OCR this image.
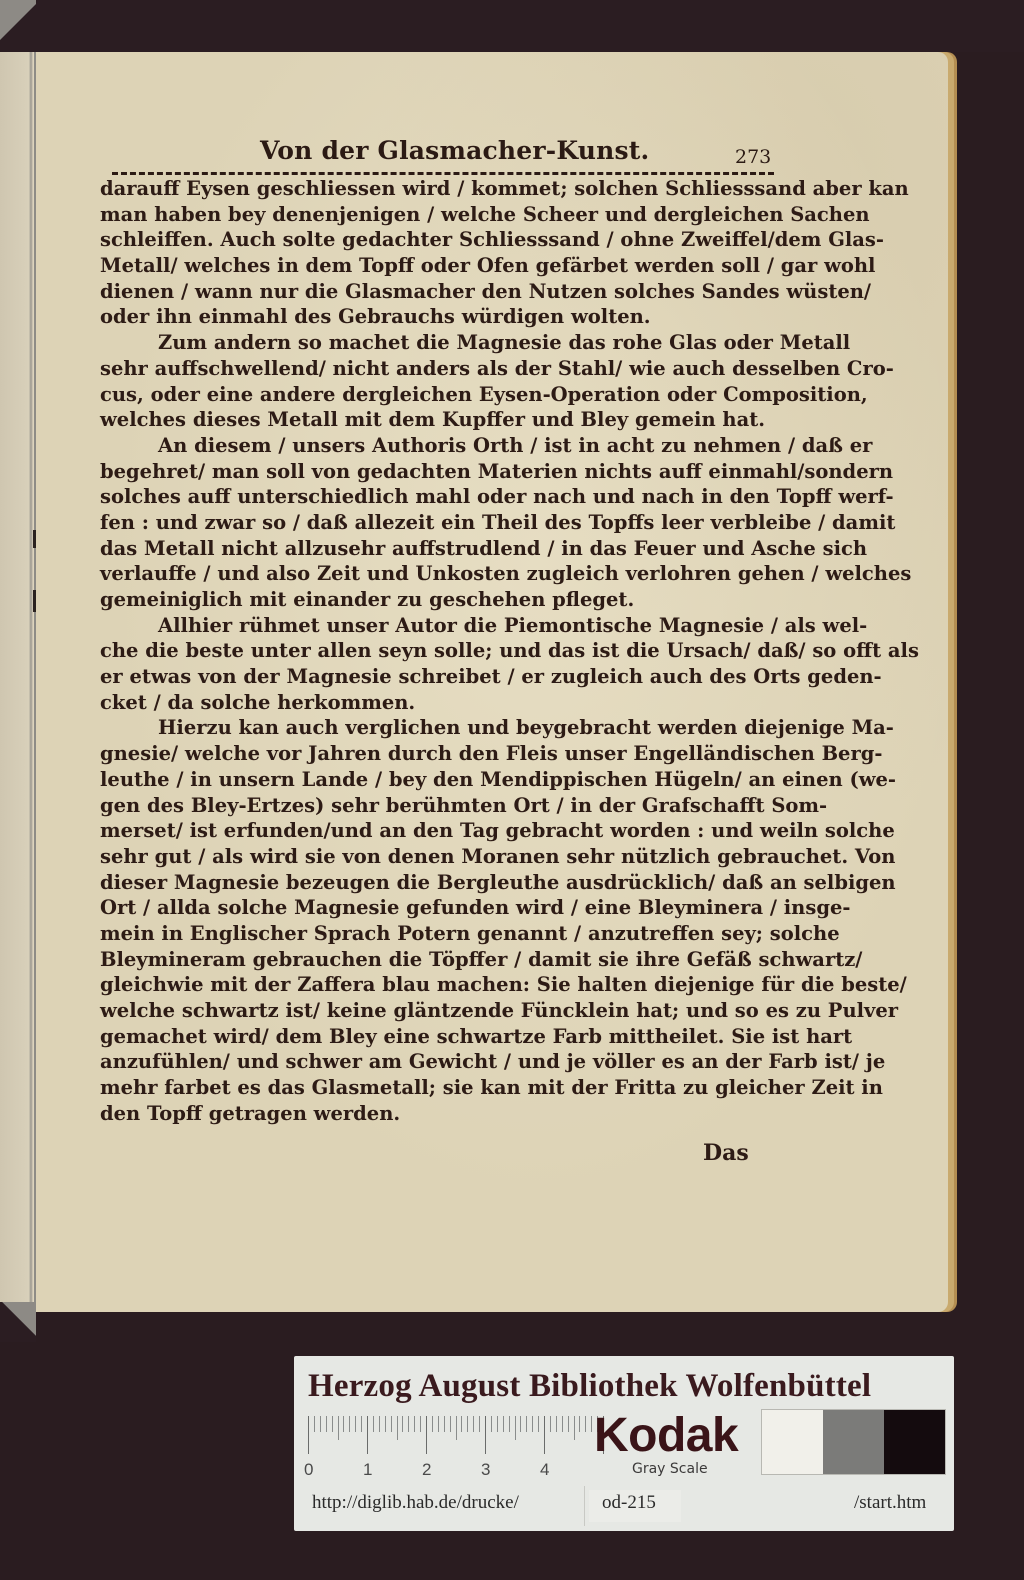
Von der Glasmacher-Kunst.	273
darauff Eysen geschliessen wird / kommet; solchen Schliesssand aber kan
man haben bey denenjenigen / welche Scheer und dergleichen Sachen
schleiffen. Auch solte gedachter Schliesssand / ohne Zweiffel/dem Glas-
Metall/ welches in dem Topff oder Ofen gefärbet werden soll / gar wohl
dienen / wann nur die Glasmacher den Nutzen solches Sandes wüsten/
oder ihn einmahl des Gebrauchs würdigen wolten.
Zum andern so machet die Magnesie das rohe Glas oder Metall
sehr auffschwellend/ nicht anders als der Stahl/ wie auch desselben Cro-
cus, oder eine andere dergleichen Eysen-Operation oder Composition,
welches dieses Metall mit dem Kupffer und Bley gemein hat.
An diesem / unsers Authoris Orth / ist in acht zu nehmen / daß er
begehret/ man soll von gedachten Materien nichts auff einmahl/sondern
solches auff unterschiedlich mahl oder nach und nach in den Topff werf-
fen : und zwar so / daß allezeit ein Theil des Topffs leer verbleibe / damit
das Metall nicht allzusehr auffstrudlend / in das Feuer und Asche sich
verlauffe / und also Zeit und Unkosten zugleich verlohren gehen / welches
gemeiniglich mit einander zu geschehen pfleget.
Allhier rühmet unser Autor die Piemontische Magnesie / als wel-
che die beste unter allen seyn solle; und das ist die Ursach/ daß/ so offt als
er etwas von der Magnesie schreibet / er zugleich auch des Orts geden-
cket / da solche herkommen.
Hierzu kan auch verglichen und beygebracht werden diejenige Ma-
gnesie/ welche vor Jahren durch den Fleis unser Engelländischen Berg-
leuthe / in unsern Lande / bey den Mendippischen Hügeln/ an einen (we-
gen des Bley-Ertzes) sehr berühmten Ort / in der Grafschafft Som-
merset/ ist erfunden/und an den Tag gebracht worden : und weiln solche
sehr gut / als wird sie von denen Moranen sehr nützlich gebrauchet. Von
dieser Magnesie bezeugen die Bergleuthe ausdrücklich/ daß an selbigen
Ort / allda solche Magnesie gefunden wird / eine Bleyminera / insge-
mein in Englischer Sprach Potern genannt / anzutreffen sey; solche
Bleymineram gebrauchen die Töpffer / damit sie ihre Gefäß schwartz/
gleichwie mit der Zaffera blau machen: Sie halten diejenige für die beste/
welche schwartz ist/ keine gläntzende Füncklein hat; und so es zu Pulver
gemachet wird/ dem Bley eine schwartze Farb mittheilet. Sie ist hart
anzufühlen/ und schwer am Gewicht / und je völler es an der Farb ist/ je
mehr farbet es das Glasmetall; sie kan mit der Fritta zu gleicher Zeit in
den Topff getragen werden.
Das
Herzog August Bibliothek Wolfenbüttel
0	1	2	3	4
Kodak
Gray Scale
http://diglib.hab.de/drucke/	od-215	/start.htm
